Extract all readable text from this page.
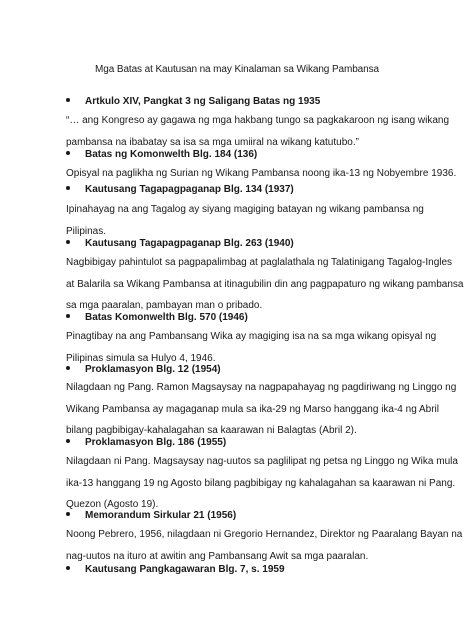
Mga Batas at Kautusan na may Kinalaman sa Wikang Pambansa
Artkulo XIV, Pangkat 3 ng Saligang Batas ng 1935
“… ang Kongreso ay gagawa ng mga hakbang tungo sa pagkakaroon ng isang wikang
pambansa na ibabatay sa isa sa mga umiiral na wikang katutubo.”
Batas ng Komonwelth Blg. 184 (136)
Opisyal na paglikha ng Surian ng Wikang Pambansa noong ika-13 ng Nobyembre 1936.
Kautusang Tagapagpaganap Blg. 134 (1937)
Ipinahayag na ang Tagalog ay siyang magiging batayan ng wikang pambansa ng
Pilipinas.
Kautusang Tagapagpaganap Blg. 263 (1940)
Nagbibigay pahintulot sa pagpapalimbag at paglalathala ng Talatinigang Tagalog-Ingles
at Balarila sa Wikang Pambansa at itinagubilin din ang pagpapaturo ng wikang pambansa
sa mga paaralan, pambayan man o pribado.
Batas Komonwelth Blg. 570 (1946)
Pinagtibay na ang Pambansang Wika ay magiging isa na sa mga wikang opisyal ng
Pilipinas simula sa Hulyo 4, 1946.
Proklamasyon Blg. 12 (1954)
Nilagdaan ng Pang. Ramon Magsaysay na nagpapahayag ng pagdiriwang ng Linggo ng
Wikang Pambansa ay magaganap mula sa ika-29 ng Marso hanggang ika-4 ng Abril
bilang pagbibigay-kahalagahan sa kaarawan ni Balagtas (Abril 2).
Proklamasyon Blg. 186 (1955)
Nilagdaan ni Pang. Magsaysay nag-uutos sa paglilipat ng petsa ng Linggo ng Wika mula
ika-13 hanggang 19 ng Agosto bilang pagbibigay ng kahalagahan sa kaarawan ni Pang.
Quezon (Agosto 19).
Memorandum Sirkular 21 (1956)
Noong Pebrero, 1956, nilagdaan ni Gregorio Hernandez, Direktor ng Paaralang Bayan na
nag-uutos na ituro at awitin ang Pambansang Awit sa mga paaralan.
Kautusang Pangkagawaran Blg. 7, s. 1959
